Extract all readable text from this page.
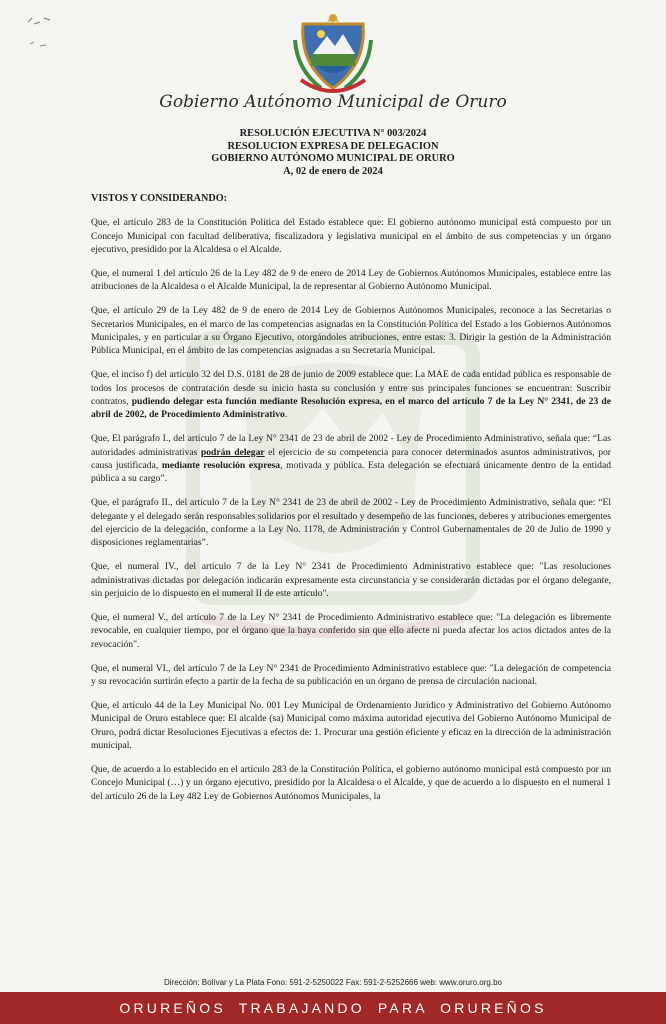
Gobierno Autónomo Municipal de Oruro
RESOLUCIÓN EJECUTIVA N° 003/2024
RESOLUCION EXPRESA DE DELEGACION
GOBIERNO AUTÓNOMO MUNICIPAL DE ORURO
A, 02 de enero de 2024
VISTOS Y CONSIDERANDO:

Que, el artículo 283 de la Constitución Política del Estado establece que: El gobierno autónomo municipal está compuesto por un Concejo Municipal con facultad deliberativa, fiscalizadora y legislativa municipal en el ámbito de sus competencias y un órgano ejecutivo, presidido por la Alcaldesa o el Alcalde.

Que, el numeral 1 del artículo 26 de la Ley 482 de 9 de enero de 2014 Ley de Gobiernos Autónomos Municipales, establece entre las atribuciones de la Alcaldesa o el Alcalde Municipal, la de representar al Gobierno Autónomo Municipal.

Que, el artículo 29 de la Ley 482 de 9 de enero de 2014 Ley de Gobiernos Autónomos Municipales, reconoce a las Secretarias o Secretarios Municipales, en el marco de las competencias asignadas en la Constitución Política del Estado a los Gobiernos Autónomos Municipales, y en particular a su Órgano Ejecutivo, otorgándoles atribuciones, entre estas: 3. Dirigir la gestión de la Administración Pública Municipal, en el ámbito de las competencias asignadas a su Secretaría Municipal.

Que, el inciso f) del artículo 32 del D.S. 0181 de 28 de junio de 2009 establece que: La MAE de cada entidad pública es responsable de todos los procesos de contratación desde su inicio hasta su conclusión y entre sus principales funciones se encuentran: Suscribir contratos, pudiendo delegar esta función mediante Resolución expresa, en el marco del artículo 7 de la Ley N° 2341, de 23 de abril de 2002, de Procedimiento Administrativo.

Que, El parágrafo I., del artículo 7 de la Ley N° 2341 de 23 de abril de 2002 - Ley de Procedimiento Administrativo, señala que: “Las autoridades administrativas podrán delegar el ejercicio de su competencia para conocer determinados asuntos administrativos, por causa justificada, mediante resolución expresa, motivada y pública. Esta delegación se efectuará únicamente dentro de la entidad pública a su cargo”.

Que, el parágrafo II., del artículo 7 de la Ley N° 2341 de 23 de abril de 2002 - Ley de Procedimiento Administrativo, señala que: “El delegante y el delegado serán responsables solidarios por el resultado y desempeño de las funciones, deberes y atribuciones emergentes del ejercicio de la delegación, conforme a la Ley No. 1178, de Administración y Control Gubernamentales de 20 de Julio de 1990 y disposiciones reglamentarias”.

Que, el numeral IV., del artículo 7 de la Ley N° 2341 de Procedimiento Administrativo establece que: "Las resoluciones administrativas dictadas por delegación indicarán expresamente esta circunstancia y se considerarán dictadas por el órgano delegante, sin perjuicio de lo dispuesto en el numeral II de este artículo".

Que, el numeral V., del artículo 7 de la Ley N° 2341 de Procedimiento Administrativo establece que: "La delegación es libremente revocable, en cualquier tiempo, por el órgano que la haya conferido sin que ello afecte ni pueda afectar los actos dictados antes de la revocación".

Que, el numeral VI., del artículo 7 de la Ley N° 2341 de Procedimiento Administrativo establece que: "La delegación de competencia y su revocación surtirán efecto a partir de la fecha de su publicación en un órgano de prensa de circulación nacional.

Que, el artículo 44 de la Ley Municipal No. 001 Ley Municipal de Ordenamiento Jurídico y Administrativo del Gobierno Autónomo Municipal de Oruro establece que: El alcalde (sa) Municipal como máxima autoridad ejecutiva del Gobierno Autónomo Municipal de Oruro, podrá dictar Resoluciones Ejecutivas a efectos de: 1. Procurar una gestión eficiente y eficaz en la dirección de la administración municipal.

Que, de acuerdo a lo establecido en el artículo 283 de la Constitución Política, el gobierno autónomo municipal está compuesto por un Concejo Municipal (…) y un órgano ejecutivo, presidido por la Alcaldesa o el Alcalde, y que de acuerdo a lo dispuesto en el numeral 1 del artículo 26 de la Ley 482 Ley de Gobiernos Autónomos Municipales, la

Dirección: Bolívar y La Plata Fono: 591-2-5250022 Fax: 591-2-5252666 web: www.oruro.org.bo
ORUREÑOS TRABAJANDO PARA ORUREÑOS
